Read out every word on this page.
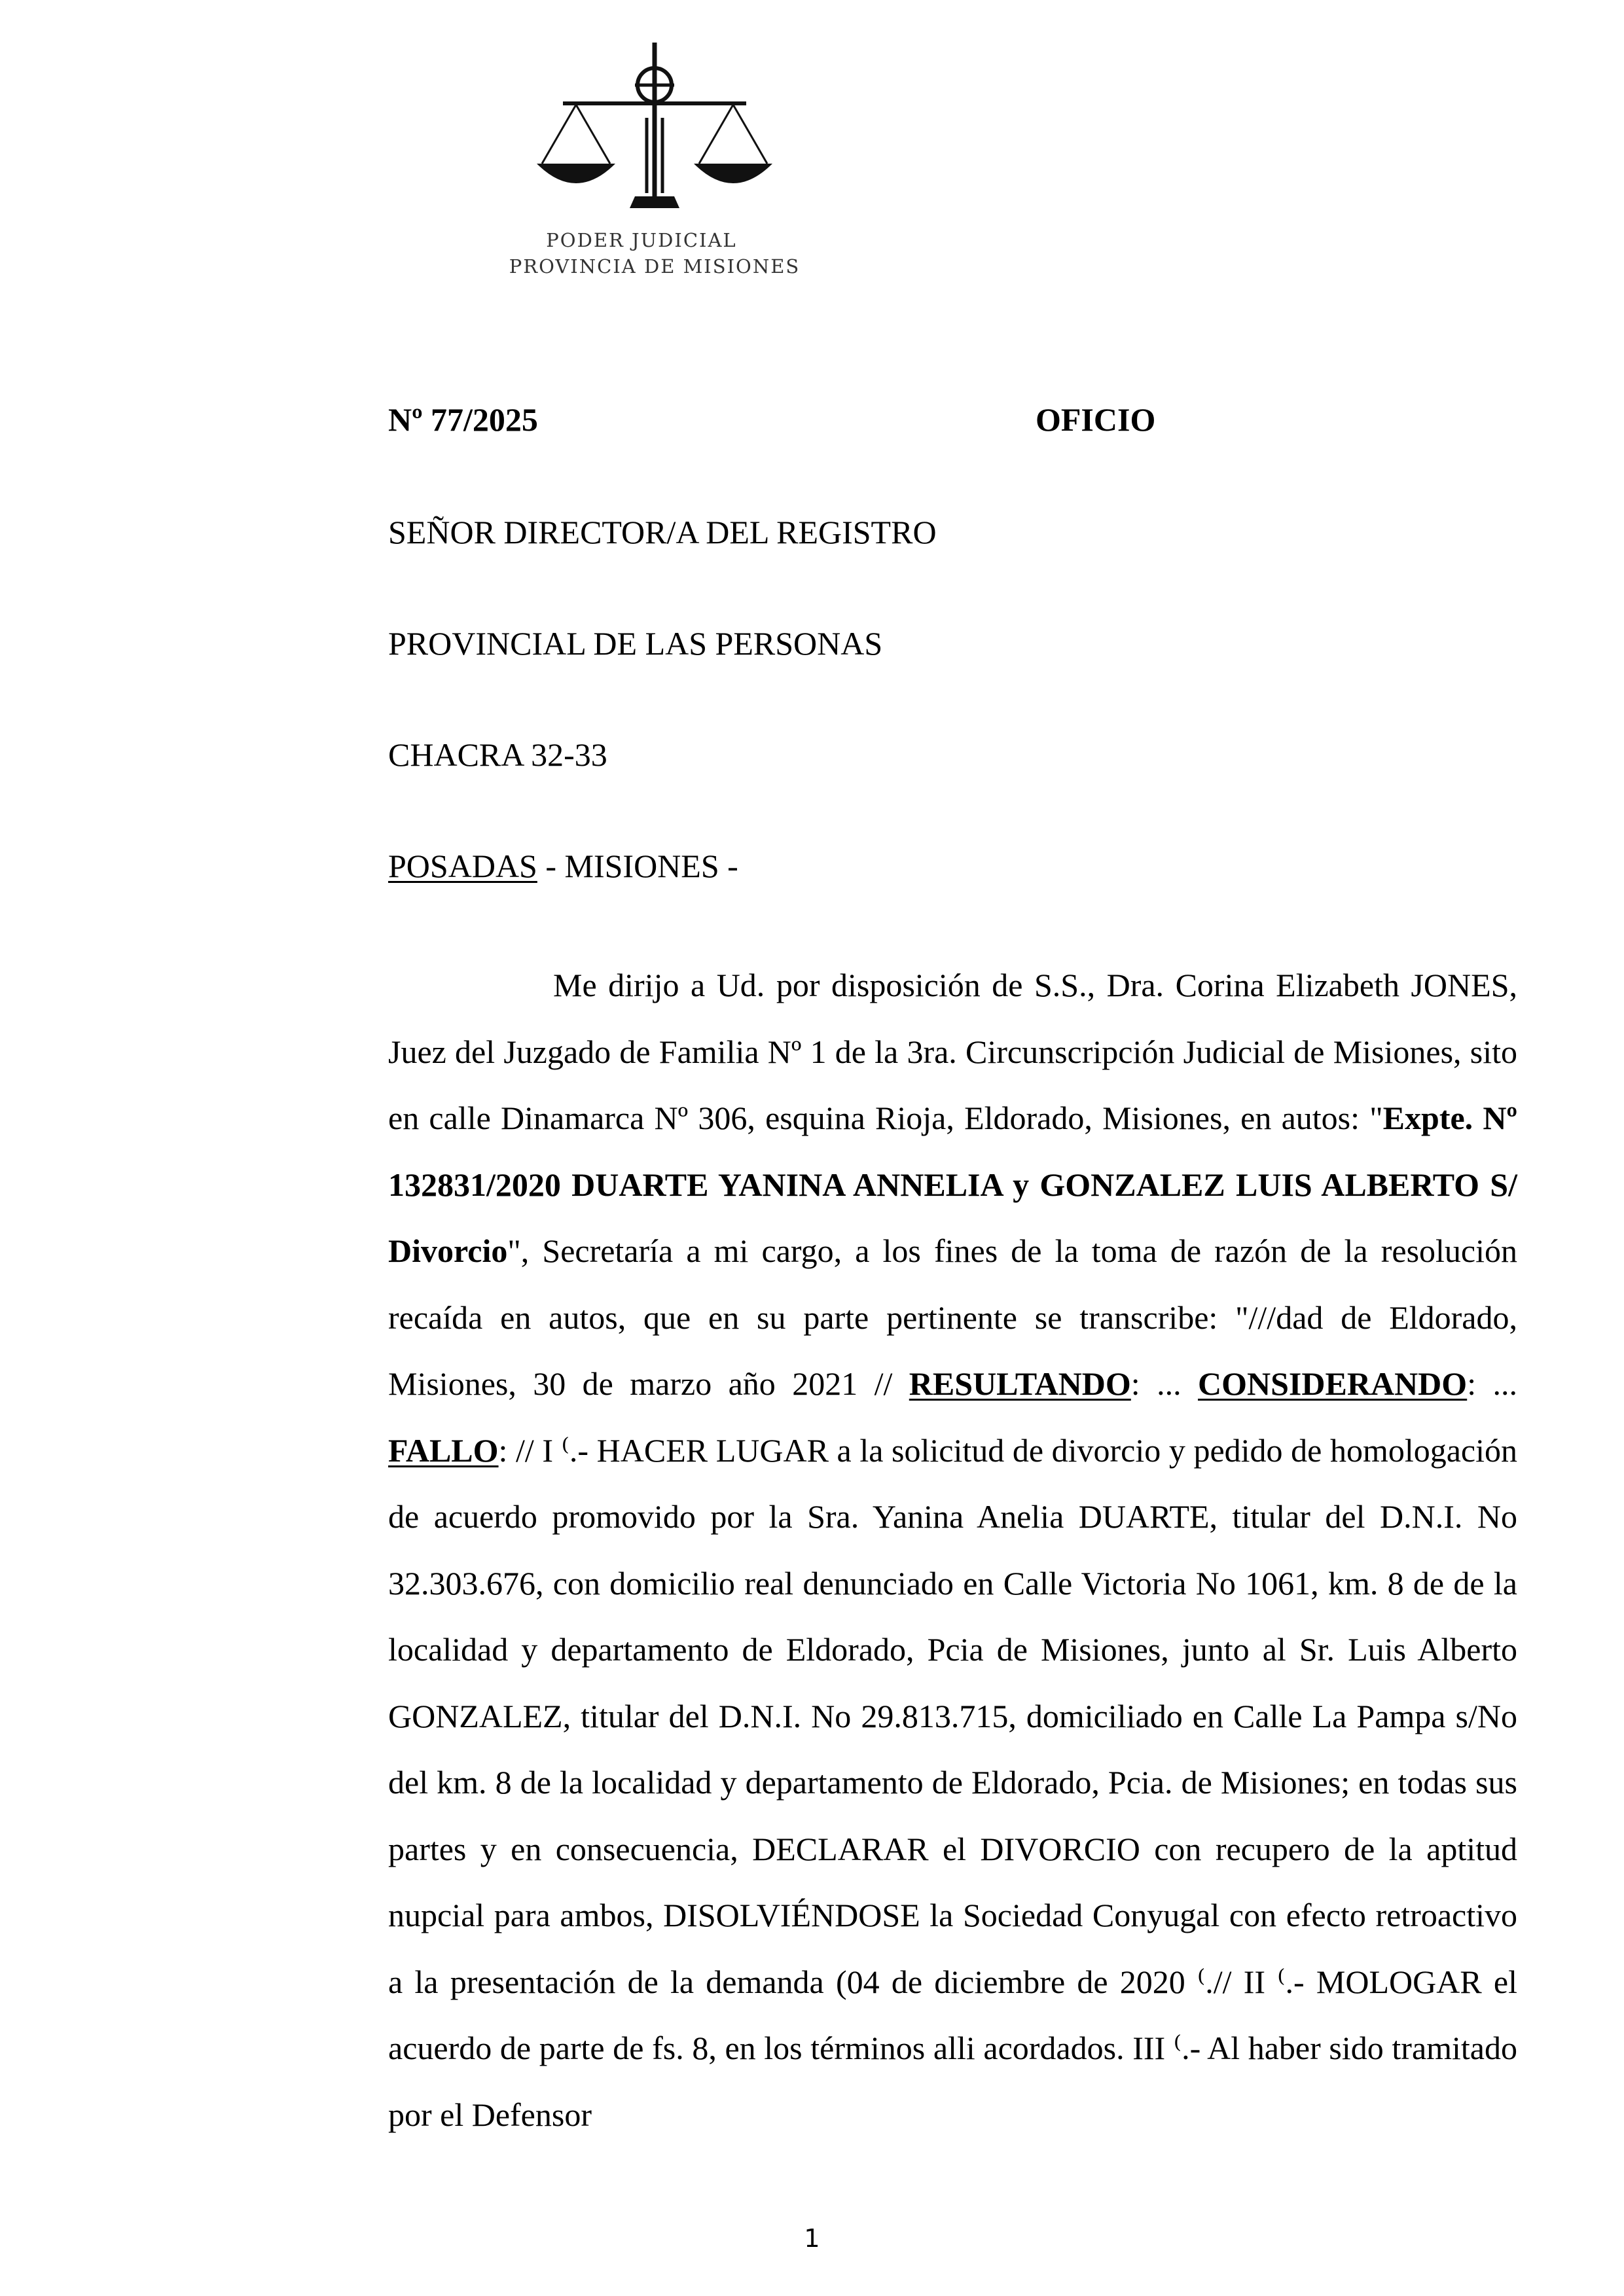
PODER JUDICIAL
PROVINCIA DE MISIONES
Nº 77/2025	OFICIO
SEÑOR DIRECTOR/A DEL REGISTRO
PROVINCIAL DE LAS PERSONAS
CHACRA 32-33
POSADAS - MISIONES -

Me dirijo a Ud. por disposición de S.S., Dra. Corina Elizabeth JONES, Juez del Juzgado de Familia Nº 1 de la 3ra. Circunscripción Judicial de Misiones, sito en calle Dinamarca Nº 306, esquina Rioja, Eldorado, Misiones, en autos: "Expte. Nº 132831/2020 DUARTE YANINA ANNELIA y GONZALEZ LUIS ALBERTO S/ Divorcio", Secretaría a mi cargo, a los fines de la toma de razón de la resolución recaída en autos, que en su parte pertinente se transcribe: "///dad de Eldorado, Misiones, 30 de marzo año 2021 // RESULTANDO: ... CONSIDERANDO: ... FALLO: // I ⁽.- HACER LUGAR a la solicitud de divorcio y pedido de homologación de acuerdo promovido por la Sra. Yanina Anelia DUARTE, titular del D.N.I. No 32.303.676, con domicilio real denunciado en Calle Victoria No 1061, km. 8 de de la localidad y departamento de Eldorado, Pcia de Misiones, junto al Sr. Luis Alberto GONZALEZ, titular del D.N.I. No 29.813.715, domiciliado en Calle La Pampa s/No del km. 8 de la localidad y departamento de Eldorado, Pcia. de Misiones; en todas sus partes y en consecuencia, DECLARAR el DIVORCIO con recupero de la aptitud nupcial para ambos, DISOLVIÉNDOSE la Sociedad Conyugal con efecto retroactivo a la presentación de la demanda (04 de diciembre de 2020 ⁽.// II ⁽.- MOLOGAR el acuerdo de parte de fs. 8, en los términos alli acordados. III ⁽.- Al haber sido tramitado por el Defensor

1
